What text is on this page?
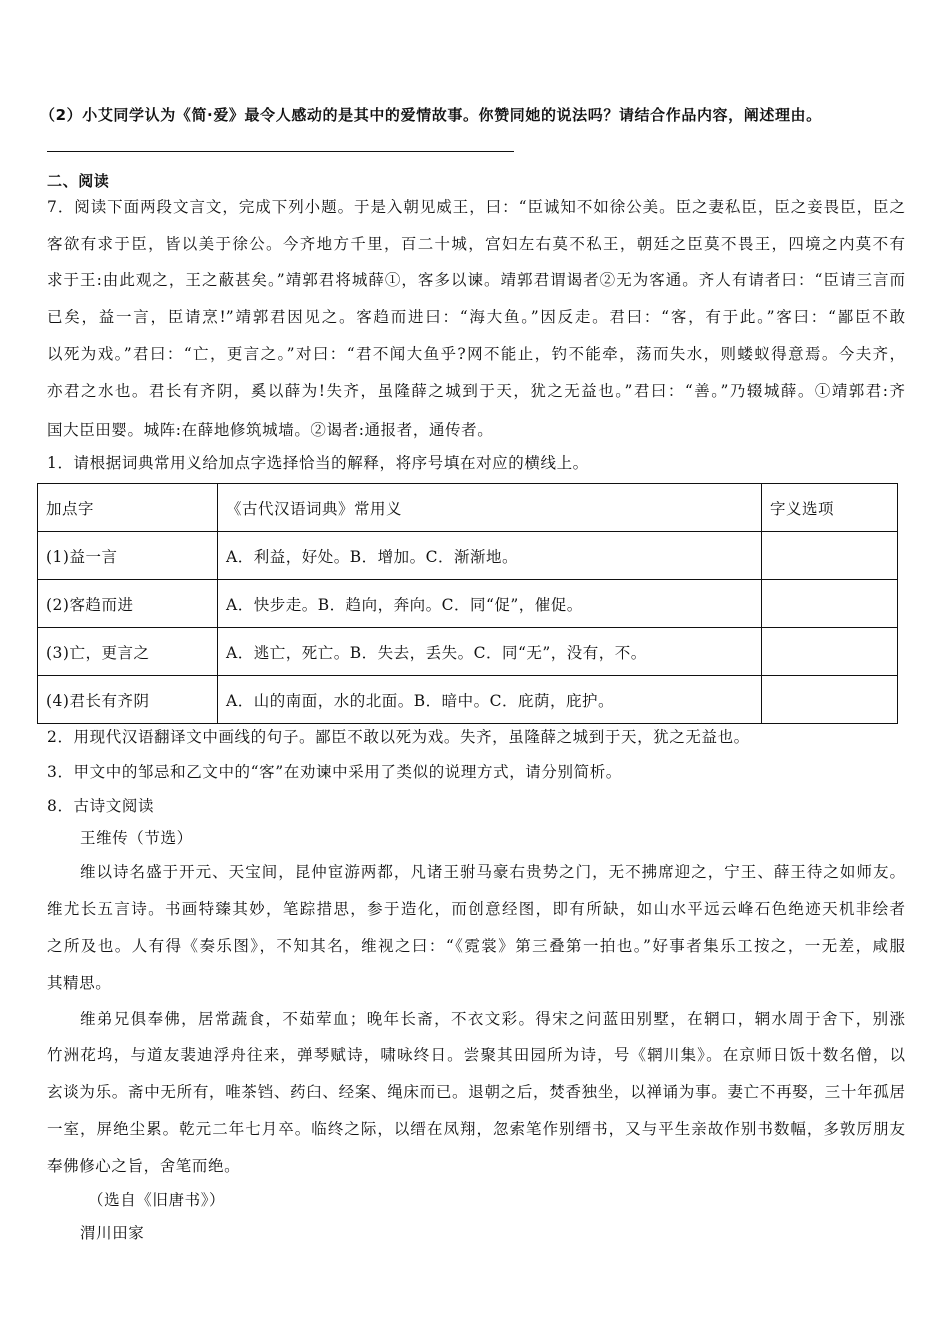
（2）小艾同学认为《简·爱》最令人感动的是其中的爱情故事。你赞同她的说法吗？请结合作品内容，阐述理由。
二、阅读
7．阅读下面两段文言文，完成下列小题。于是入朝见威王，曰：“臣诚知不如徐公美。臣之妻私臣，臣之妾畏臣，臣之
客欲有求于臣，皆以美于徐公。今齐地方千里，百二十城，宫妇左右莫不私王，朝廷之臣莫不畏王，四境之内莫不有
求于王:由此观之，王之蔽甚矣。”靖郭君将城薛①，客多以谏。靖郭君谓谒者②无为客通。齐人有请者曰：“臣请三言而
已矣，益一言，臣请烹!”靖郭君因见之。客趋而进曰：“海大鱼。”因反走。君曰：“客，有于此。”客曰：“鄙臣不敢
以死为戏。”君曰：“亡，更言之。”对曰：“君不闻大鱼乎?网不能止，钓不能牵，荡而失水，则蝼蚁得意焉。今夫齐，
亦君之水也。君长有齐阴，奚以薛为!失齐，虽隆薛之城到于天，犹之无益也。”君曰：“善。”乃辍城薛。①靖郭君:齐
国大臣田婴。城阵:在薛地修筑城墙。②谒者:通报者，通传者。
1．请根据词典常用义给加点字选择恰当的解释，将序号填在对应的横线上。
加点字	《古代汉语词典》常用义	字义选项
(1)益一言	A．利益，好处。B．增加。C．渐渐地。	
(2)客趋而进	A．快步走。B．趋向，奔向。C．同“促”，催促。	
(3)亡，更言之	A．逃亡，死亡。B．失去，丢失。C．同“无”，没有，不。	
(4)君长有齐阴	A．山的南面，水的北面。B．暗中。C．庇荫，庇护。	
2．用现代汉语翻译文中画线的句子。鄙臣不敢以死为戏。失齐，虽隆薛之城到于天，犹之无益也。
3．甲文中的邹忌和乙文中的“客”在劝谏中采用了类似的说理方式，请分别简析。
8．古诗文阅读
王维传（节选）
维以诗名盛于开元、天宝间，昆仲宦游两都，凡诸王驸马豪右贵势之门，无不拂席迎之，宁王、薛王待之如师友。
维尤长五言诗。书画特臻其妙，笔踪措思，参于造化，而创意经图，即有所缺，如山水平远云峰石色绝迹天机非绘者
之所及也。人有得《奏乐图》，不知其名，维视之曰：“《霓裳》第三叠第一拍也。”好事者集乐工按之，一无差，咸服
其精思。
维弟兄俱奉佛，居常蔬食，不茹荤血；晚年长斋，不衣文彩。得宋之问蓝田别墅，在辋口，辋水周于舍下，别涨
竹洲花坞，与道友裴迪浮舟往来，弹琴赋诗，啸咏终日。尝聚其田园所为诗，号《辋川集》。在京师日饭十数名僧，以
玄谈为乐。斋中无所有，唯茶铛、药臼、经案、绳床而已。退朝之后，焚香独坐，以禅诵为事。妻亡不再娶，三十年孤居
一室，屏绝尘累。乾元二年七月卒。临终之际，以缙在凤翔，忽索笔作别缙书，又与平生亲故作别书数幅，多敦厉朋友
奉佛修心之旨，舍笔而绝。
（选自《旧唐书》）
渭川田家
